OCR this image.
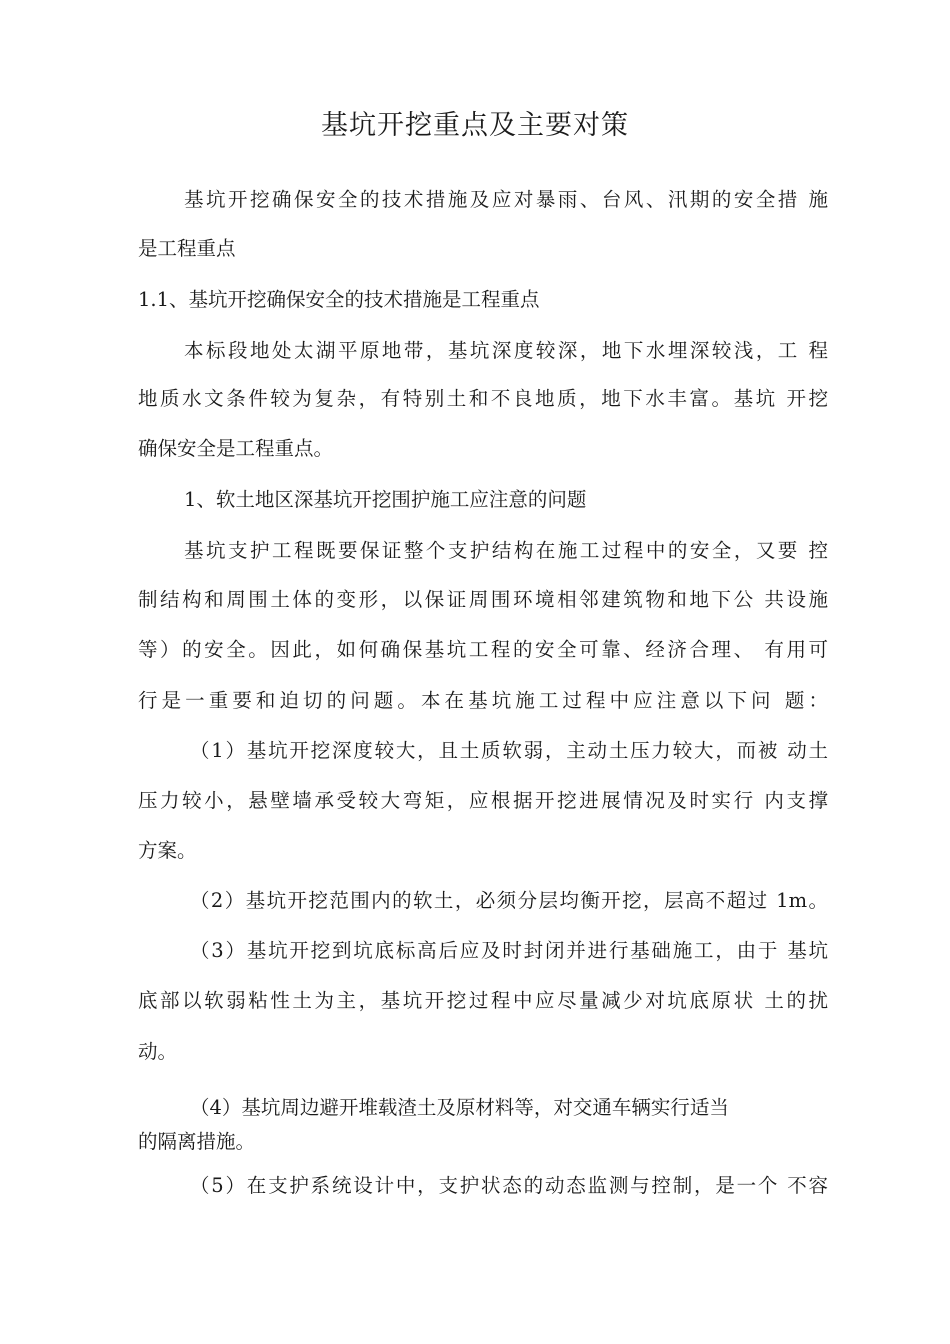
基坑开挖重点及主要对策
基坑开挖确保安全的技术措施及应对暴雨、台风、汛期的安全措 施
是工程重点
1.1、基坑开挖确保安全的技术措施是工程重点
本标段地处太湖平原地带，基坑深度较深，地下水埋深较浅，工 程
地质水文条件较为复杂，有特别土和不良地质，地下水丰富。基坑 开挖
确保安全是工程重点。
1、软土地区深基坑开挖围护施工应注意的问题
基坑支护工程既要保证整个支护结构在施工过程中的安全，又要 控
制结构和周围土体的变形，以保证周围环境相邻建筑物和地下公 共设施
等）的安全。因此，如何确保基坑工程的安全可靠、经济合理、 有用可
行是一重要和迫切的问题。本在基坑施工过程中应注意以下问 题：
（1）基坑开挖深度较大，且土质软弱，主动土压力较大，而被 动土
压力较小，悬壁墙承受较大弯矩，应根据开挖进展情况及时实行 内支撑
方案。
（2）基坑开挖范围内的软土，必须分层均衡开挖，层高不超过 1m。
（3）基坑开挖到坑底标高后应及时封闭并进行基础施工，由于 基坑
底部以软弱粘性土为主，基坑开挖过程中应尽量减少对坑底原状 土的扰
动。
（4）基坑周边避开堆载渣土及原材料等，对交通车辆实行适当
的隔离措施。
（5）在支护系统设计中，支护状态的动态监测与控制，是一个 不容
